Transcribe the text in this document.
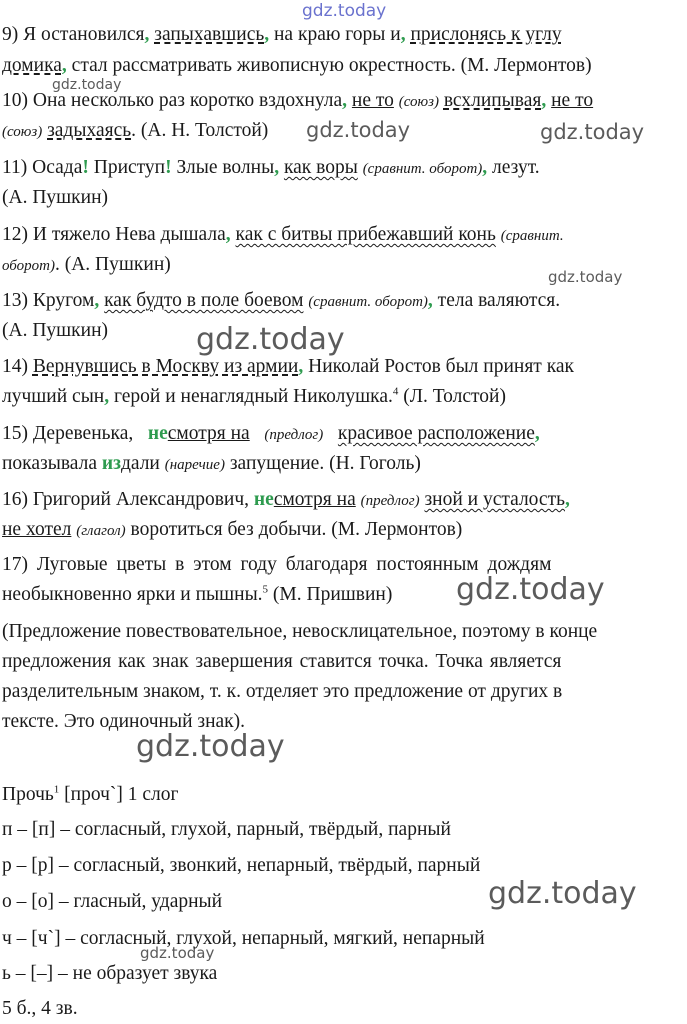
gdz.today
gdz.today
gdz.today	gdz.today
gdz.today
gdz.today
gdz.today
gdz.today
gdz.today
gdz.today
9) Я остановился, запыхавшись, на краю горы и, прислонясь к углу
домика, стал рассматривать живописную окрестность. (М. Лермонтов)
10) Она несколько раз коротко вздохнула, не то (союз) всхлипывая, не то
(союз) задыхаясь. (А. Н. Толстой)
11) Осада! Приступ! Злые волны, как воры (сравнит. оборот), лезут.
(А. Пушкин)
12) И тяжело Нева дышала, как с битвы прибежавший конь (сравнит.
оборот). (А. Пушкин)
13) Кругом, как будто в поле боевом (сравнит. оборот), тела валяются.
(А. Пушкин)
14) Вернувшись в Москву из армии, Николай Ростов был принят как
лучший сын, герой и ненаглядный Николушка.$^4$ (Л. Толстой)
15) Деревенька, несмотря на (предлог) красивое расположение,
показывала издали (наречие) запущение. (Н. Гоголь)
16) Григорий Александрович, несмотря на (предлог) зной и усталость,
не хотел (глагол) воротиться без добычи. (М. Лермонтов)
17) Луговые цветы в этом году благодаря постоянным дождям
необыкновенно ярки и пышны.$^5$ (М. Пришвин)
(Предложение повествовательное, невосклицательное, поэтому в конце
предложения как знак завершения ставится точка. Точка является
разделительным знаком, т. к. отделяет это предложение от других в
тексте. Это одиночный знак).
Прочь$^1$ [проч`] 1 слог
п – [п] – согласный, глухой, парный, твёрдый, парный
р – [р] – согласный, звонкий, непарный, твёрдый, парный
о – [о] – гласный, ударный
ч – [ч`] – согласный, глухой, непарный, мягкий, непарный
ь – [–] – не образует звука
5 б., 4 зв.
